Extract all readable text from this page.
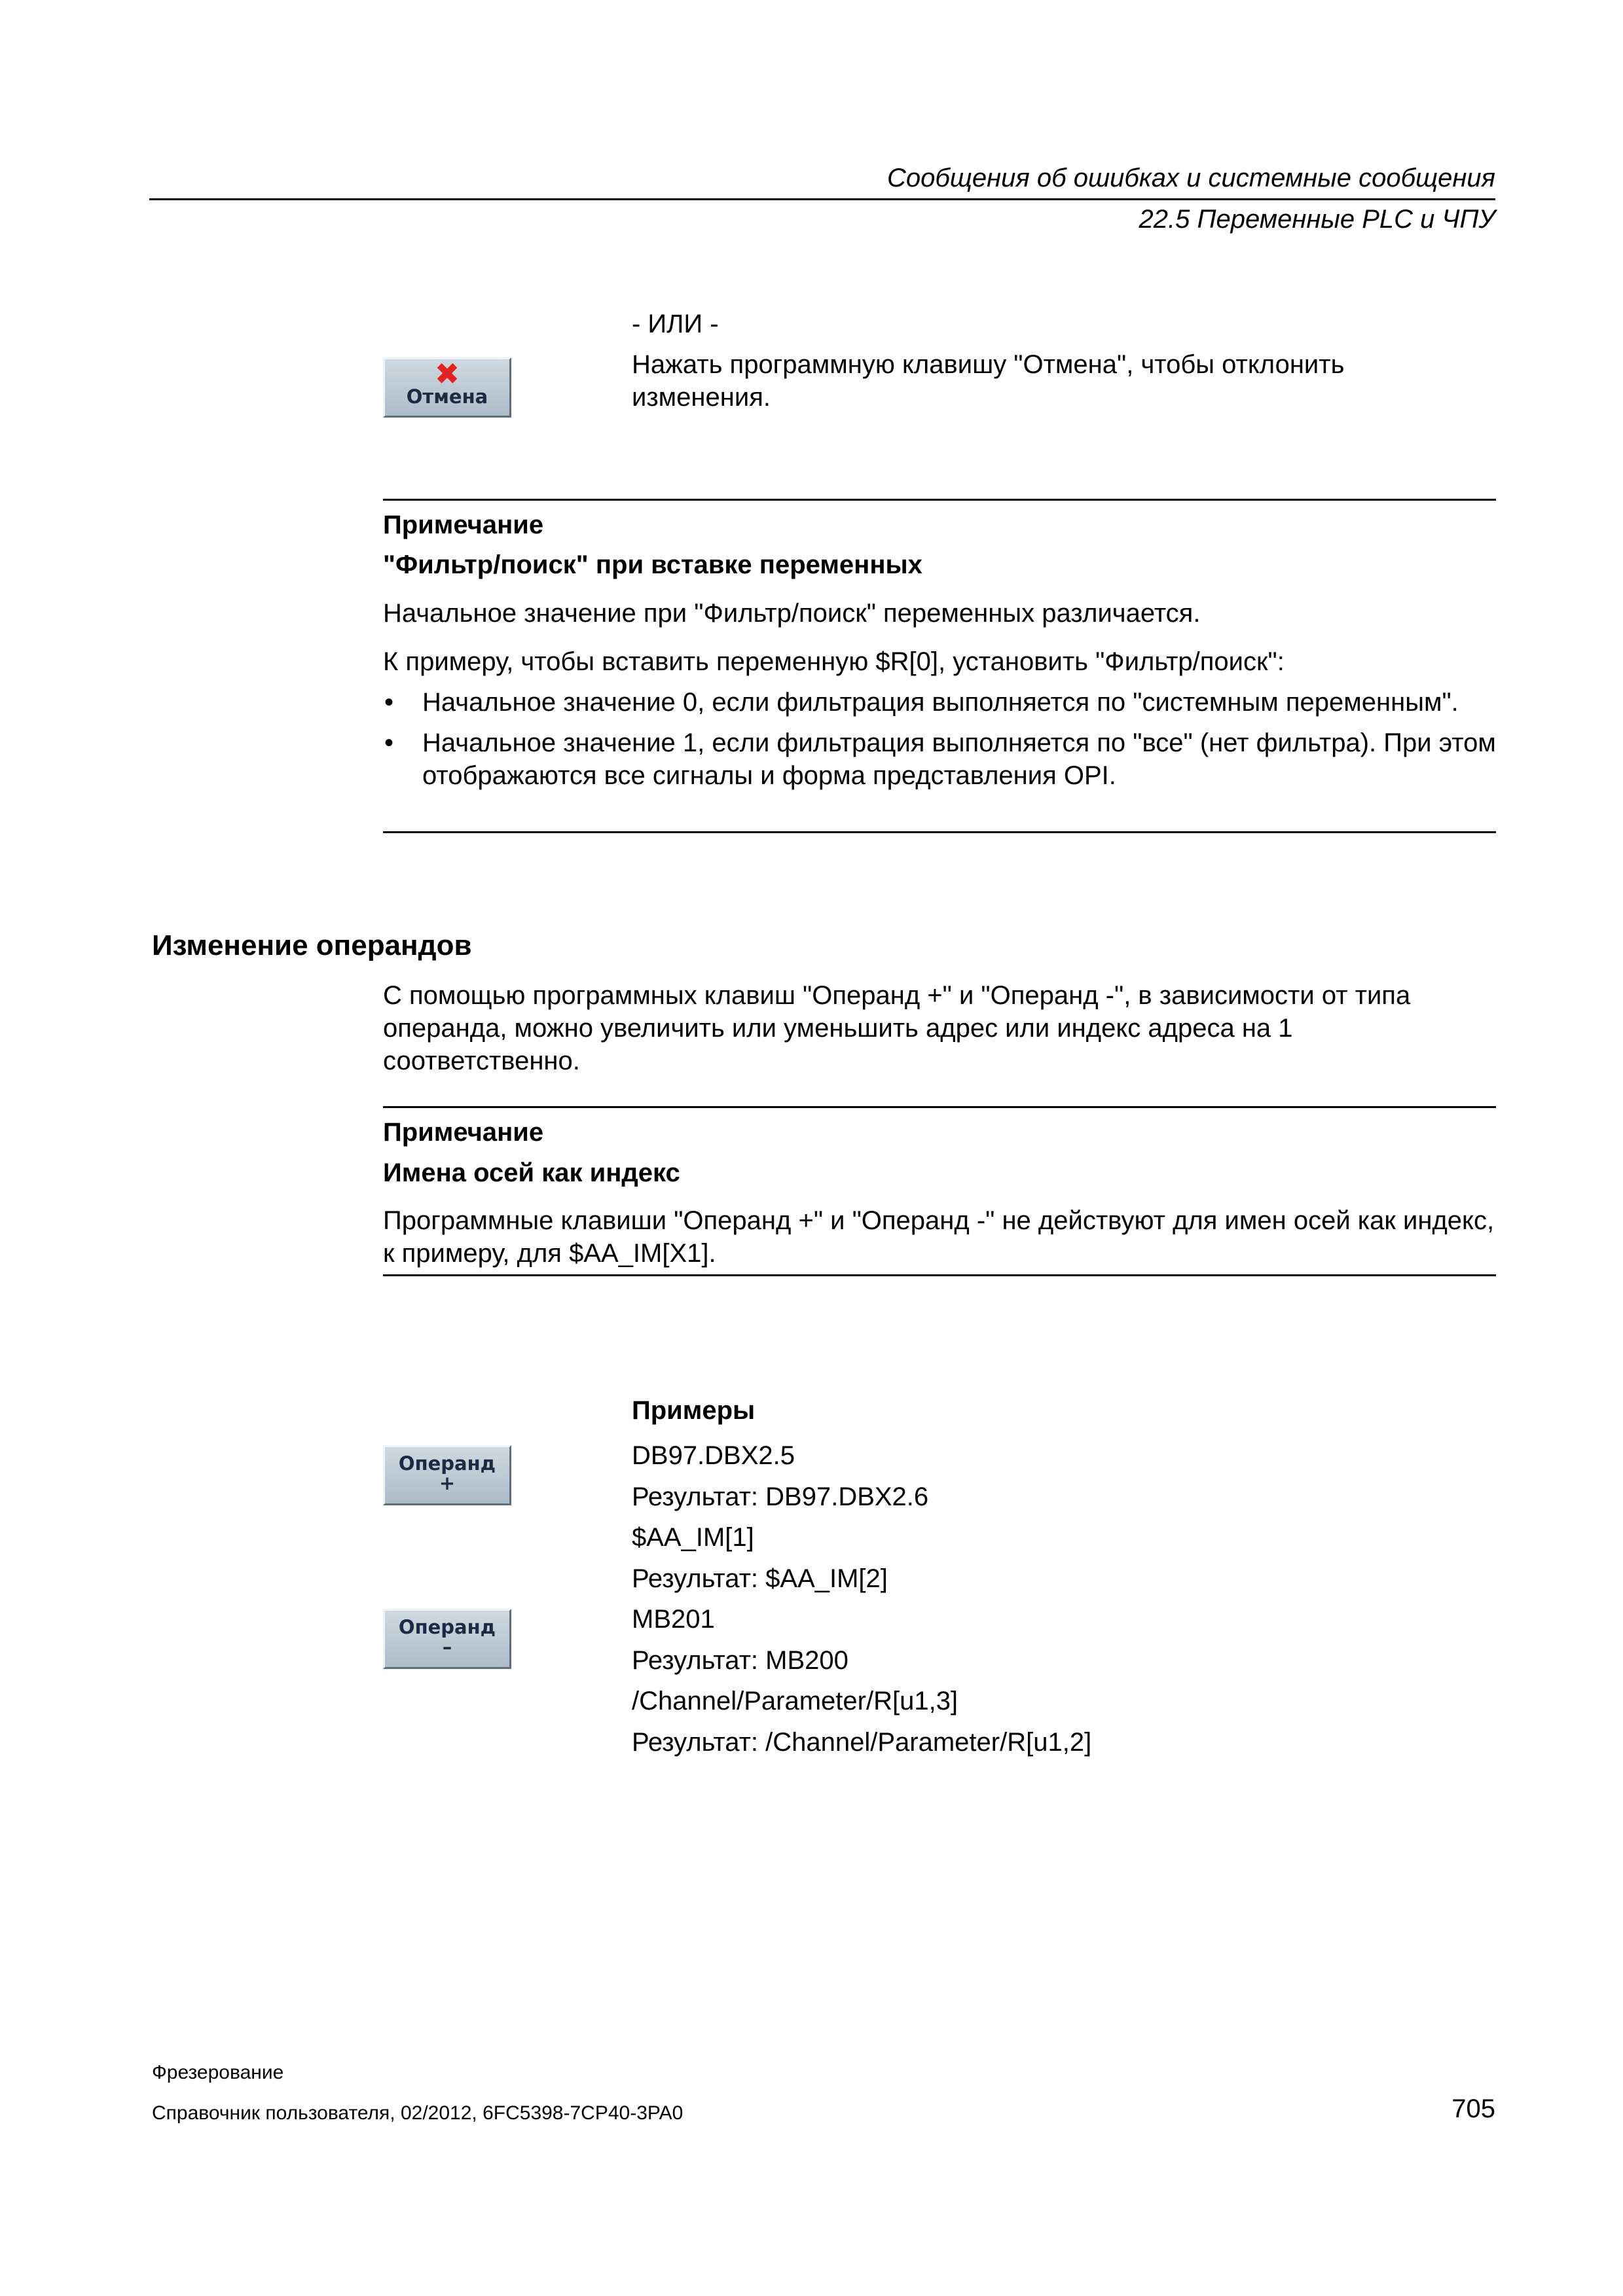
Сообщения об ошибках и системные сообщения
22.5 Переменные PLC и ЧПУ
- ИЛИ -
✖
Отмена
Нажать программную клавишу "Отмена", чтобы отклонить изменения.
Примечание
"Фильтр/поиск" при вставке переменных
Начальное значение при "Фильтр/поиск" переменных различается.
К примеру, чтобы вставить переменную $R[0], установить "Фильтр/поиск":
• Начальное значение 0, если фильтрация выполняется по "системным переменным".
• Начальное значение 1, если фильтрация выполняется по "все" (нет фильтра). При этом отображаются все сигналы и форма представления OPI.
Изменение операндов
С помощью программных клавиш "Операнд +" и "Операнд -", в зависимости от типа операнда, можно увеличить или уменьшить адрес или индекс адреса на 1 соответственно.
Примечание
Имена осей как индекс
Программные клавиши "Операнд +" и "Операнд -" не действуют для имен осей как индекс, к примеру, для $AA_IM[X1].
Примеры
DB97.DBX2.5
Результат: DB97.DBX2.6
$AA_IM[1]
Результат: $AA_IM[2]
MB201
Результат: MB200
/Channel/Parameter/R[u1,3]
Результат: /Channel/Parameter/R[u1,2]
Операнд
+
Операнд
–
Фрезерование
Справочник пользователя, 02/2012, 6FC5398-7CP40-3PA0	705
